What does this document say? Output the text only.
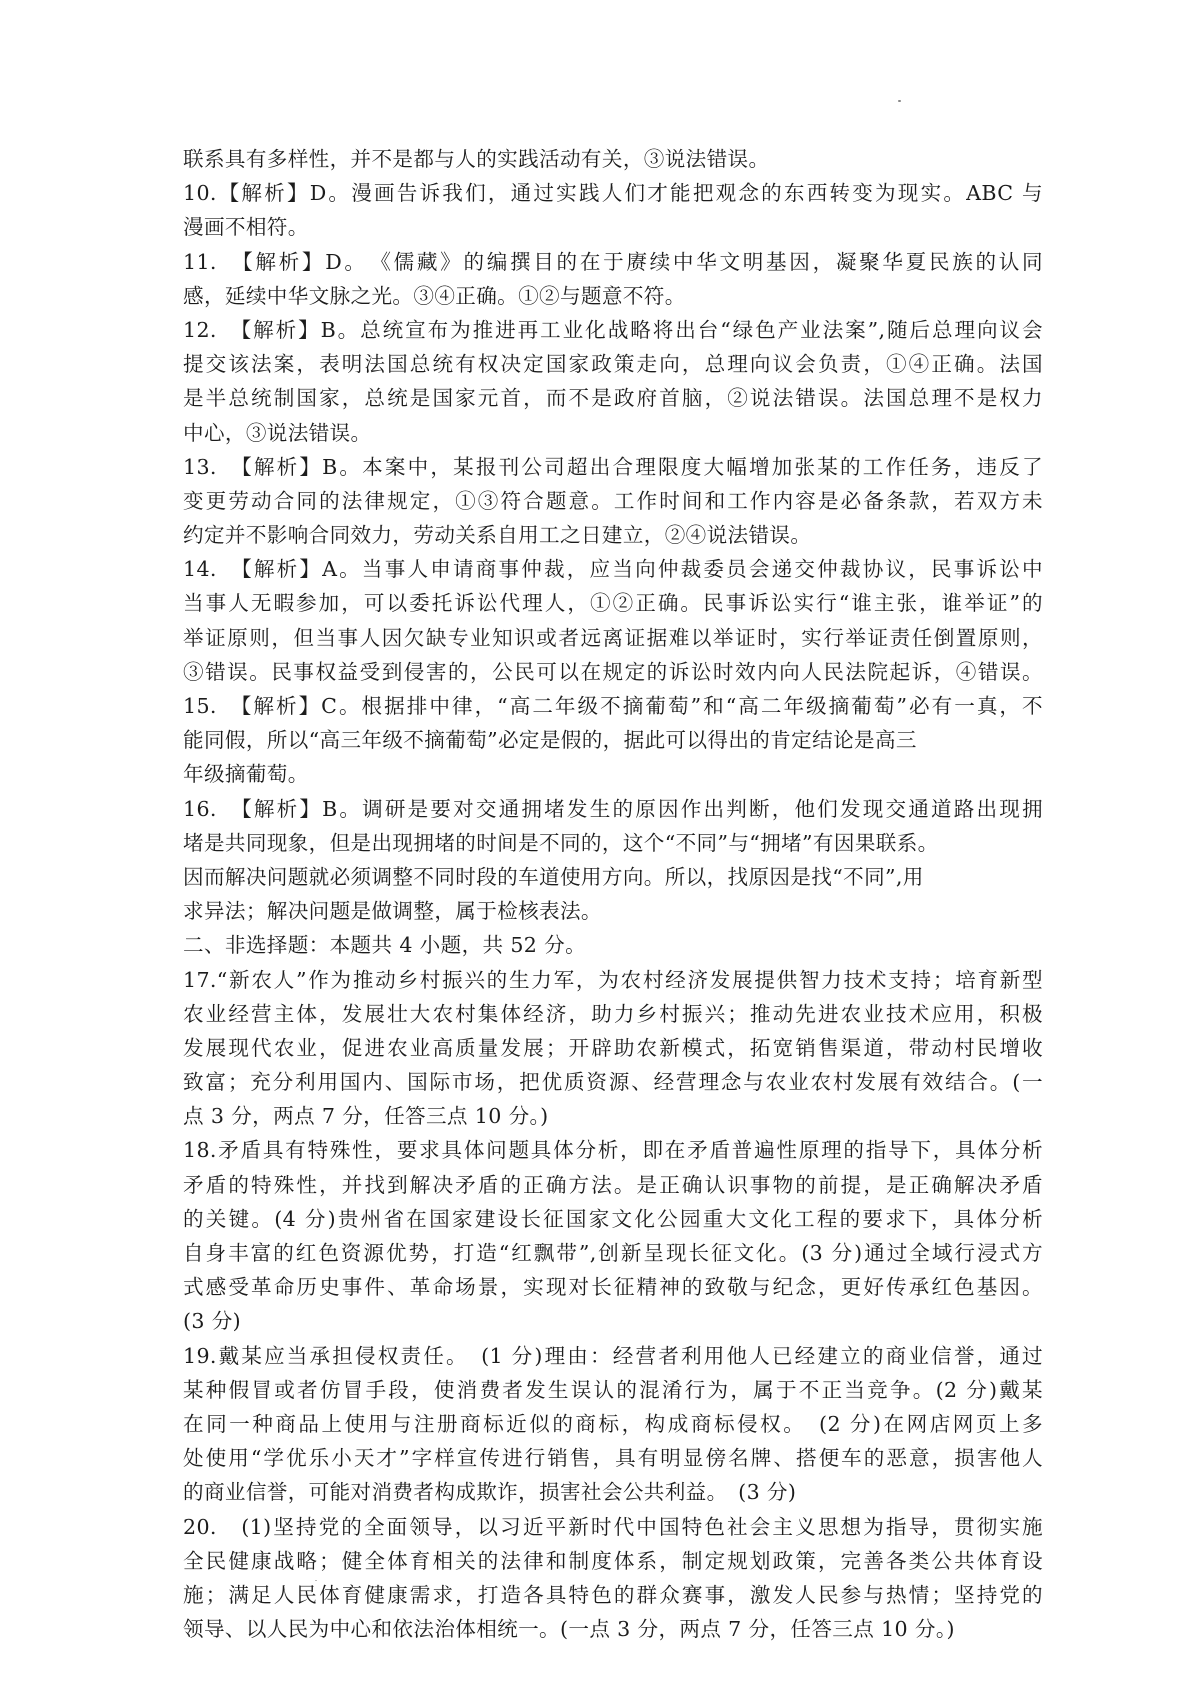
联系具有多样性，并不是都与人的实践活动有关，③说法错误。
10.【解析】D。漫画告诉我们，通过实践人们才能把观念的东西转变为现实。ABC 与
漫画不相符。
11.　【解析】D。　《儒藏》的编撰目的在于赓续中华文明基因，凝聚华夏民族的认同
感，延续中华文脉之光。③④正确。①②与题意不符。
12.　【解析】B。总统宣布为推进再工业化战略将出台“绿色产业法案”,随后总理向议会
提交该法案，表明法国总统有权决定国家政策走向，总理向议会负责，①④正确。法国
是半总统制国家，总统是国家元首，而不是政府首脑，②说法错误。法国总理不是权力
中心，③说法错误。
13.　【解析】B。本案中，某报刊公司超出合理限度大幅增加张某的工作任务，违反了
变更劳动合同的法律规定，①③符合题意。工作时间和工作内容是必备条款，若双方未
约定并不影响合同效力，劳动关系自用工之日建立，②④说法错误。
14.　【解析】A。当事人申请商事仲裁，应当向仲裁委员会递交仲裁协议，民事诉讼中
当事人无暇参加，可以委托诉讼代理人，①②正确。民事诉讼实行“谁主张，谁举证”的
举证原则，但当事人因欠缺专业知识或者远离证据难以举证时，实行举证责任倒置原则，
③错误。民事权益受到侵害的，公民可以在规定的诉讼时效内向人民法院起诉，④错误。
15.　【解析】C。根据排中律，“高二年级不摘葡萄”和“高二年级摘葡萄”必有一真，不
能同假，所以“高三年级不摘葡萄”必定是假的，据此可以得出的肯定结论是高三
年级摘葡萄。
16.　【解析】B。调研是要对交通拥堵发生的原因作出判断，他们发现交通道路出现拥
堵是共同现象，但是出现拥堵的时间是不同的，这个“不同”与“拥堵”有因果联系。
因而解决问题就必须调整不同时段的车道使用方向。所以，找原因是找“不同”,用
求异法；解决问题是做调整，属于检核表法。
二、非选择题：本题共 4 小题，共 52 分。
17.“新农人”作为推动乡村振兴的生力军，为农村经济发展提供智力技术支持；培育新型
农业经营主体，发展壮大农村集体经济，助力乡村振兴；推动先进农业技术应用，积极
发展现代农业，促进农业高质量发展；开辟助农新模式，拓宽销售渠道，带动村民增收
致富；充分利用国内、国际市场，把优质资源、经营理念与农业农村发展有效结合。(一
点 3 分，两点 7 分，任答三点 10 分。)
18.矛盾具有特殊性，要求具体问题具体分析，即在矛盾普遍性原理的指导下，具体分析
矛盾的特殊性，并找到解决矛盾的正确方法。是正确认识事物的前提，是正确解决矛盾
的关键。(4 分)贵州省在国家建设长征国家文化公园重大文化工程的要求下，具体分析
自身丰富的红色资源优势，打造“红飘带”,创新呈现长征文化。(3 分)通过全域行浸式方
式感受革命历史事件、革命场景，实现对长征精神的致敬与纪念，更好传承红色基因。
(3 分)
19.戴某应当承担侵权责任。　(1 分)理由：经营者利用他人已经建立的商业信誉，通过
某种假冒或者仿冒手段，使消费者发生误认的混淆行为，属于不正当竞争。(2 分)戴某
在同一种商品上使用与注册商标近似的商标，构成商标侵权。　(2 分)在网店网页上多
处使用“学优乐小天才”字样宣传进行销售，具有明显傍名牌、搭便车的恶意，损害他人
的商业信誉，可能对消费者构成欺诈，损害社会公共利益。　(3 分)
20.　(1)坚持党的全面领导，以习近平新时代中国特色社会主义思想为指导，贯彻实施
全民健康战略；健全体育相关的法律和制度体系，制定规划政策，完善各类公共体育设
施；满足人民体育健康需求，打造各具特色的群众赛事，激发人民参与热情；坚持党的
领导、以人民为中心和依法治体相统一。(一点 3 分，两点 7 分，任答三点 10 分。)
